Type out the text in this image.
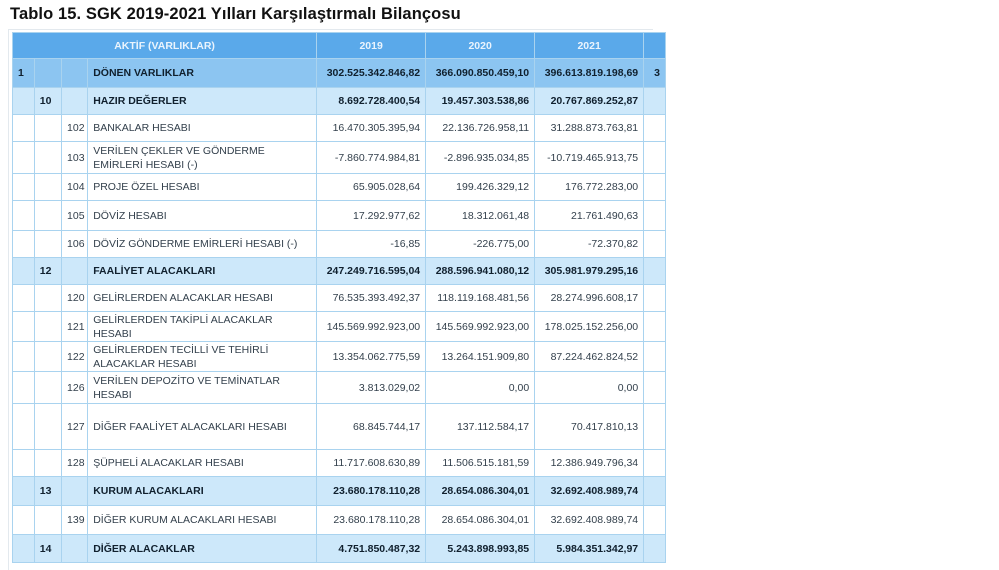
Tablo 15. SGK 2019-2021 Yılları Karşılaştırmalı Bilançosu
AKTİF (VARLIKLAR)				2019	2020	2021	
1			DÖNEN VARLIKLAR	302.525.342.846,82	366.090.850.459,10	396.613.819.198,69	3
	10		HAZIR DEĞERLER	8.692.728.400,54	19.457.303.538,86	20.767.869.252,87	
		102	BANKALAR HESABI	16.470.305.395,94	22.136.726.958,11	31.288.873.763,81	
		103	VERİLEN ÇEKLER VE GÖNDERME EMİRLERİ HESABI (-)	-7.860.774.984,81	-2.896.935.034,85	-10.719.465.913,75	
		104	PROJE ÖZEL HESABI	65.905.028,64	199.426.329,12	176.772.283,00	
		105	DÖVİZ HESABI	17.292.977,62	18.312.061,48	21.761.490,63	
		106	DÖVİZ GÖNDERME EMİRLERİ HESABI (-)	-16,85	-226.775,00	-72.370,82	
	12		FAALİYET ALACAKLARI	247.249.716.595,04	288.596.941.080,12	305.981.979.295,16	
		120	GELİRLERDEN ALACAKLAR HESABI	76.535.393.492,37	118.119.168.481,56	28.274.996.608,17	
		121	GELİRLERDEN TAKİPLİ ALACAKLAR HESABI	145.569.992.923,00	145.569.992.923,00	178.025.152.256,00	
		122	GELİRLERDEN TECİLLİ VE TEHİRLİ ALACAKLAR HESABI	13.354.062.775,59	13.264.151.909,80	87.224.462.824,52	
		126	VERİLEN DEPOZİTO VE TEMİNATLAR HESABI	3.813.029,02	0,00	0,00	
		127	DİĞER FAALİYET ALACAKLARI HESABI	68.845.744,17	137.112.584,17	70.417.810,13	
		128	ŞÜPHELİ ALACAKLAR HESABI	11.717.608.630,89	11.506.515.181,59	12.386.949.796,34	
	13		KURUM ALACAKLARI	23.680.178.110,28	28.654.086.304,01	32.692.408.989,74	
		139	DİĞER KURUM ALACAKLARI HESABI	23.680.178.110,28	28.654.086.304,01	32.692.408.989,74	
	14		DİĞER ALACAKLAR	4.751.850.487,32	5.243.898.993,85	5.984.351.342,97	
